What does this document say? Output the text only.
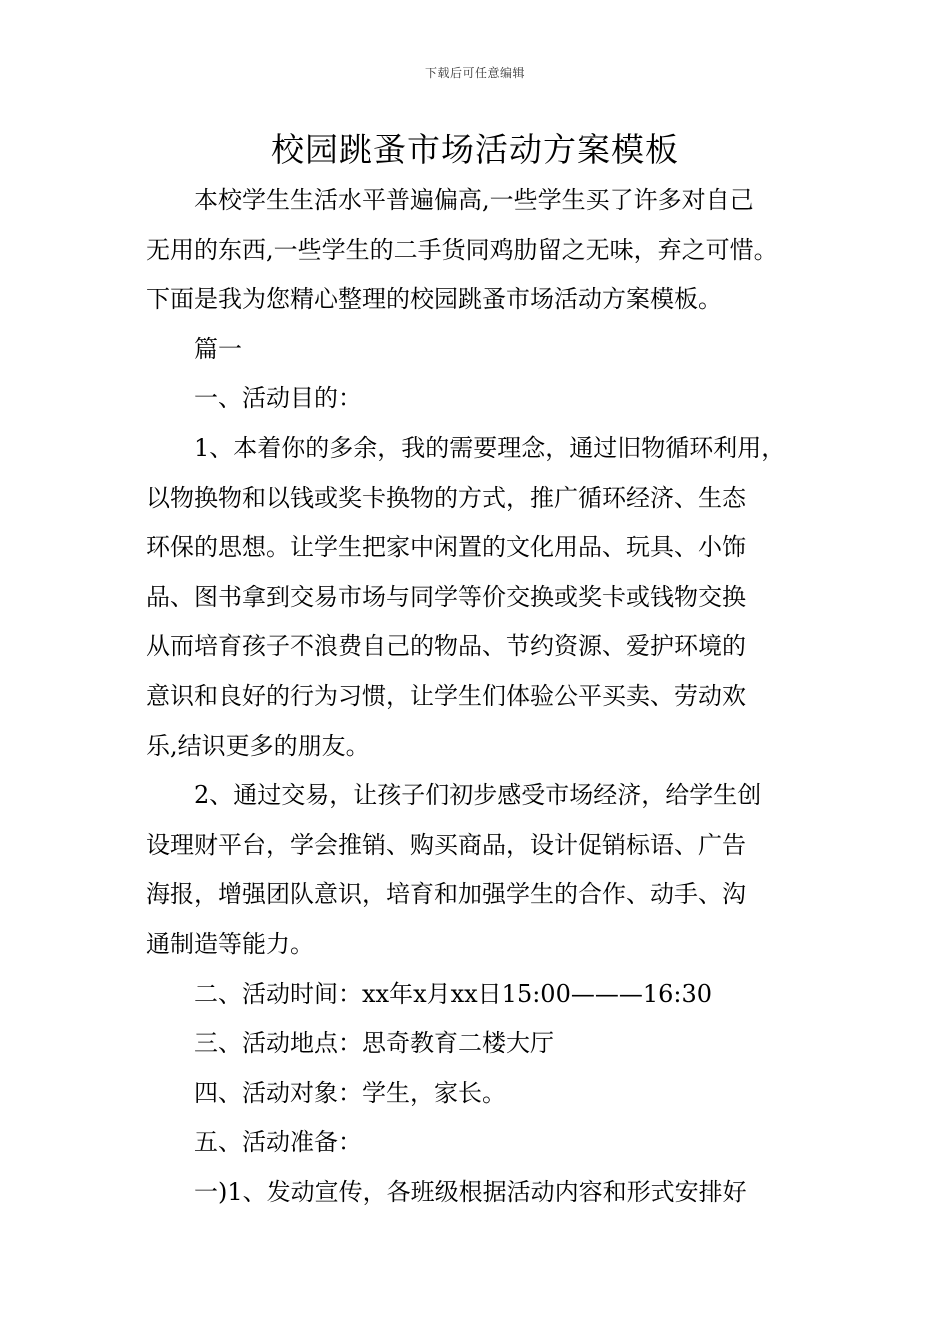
下载后可任意编辑
校园跳蚤市场活动方案模板
本校学生生活水平普遍偏高,一些学生买了许多对自己
无用的东西,一些学生的二手货同鸡肋留之无味，弃之可惜。
下面是我为您精心整理的校园跳蚤市场活动方案模板。
篇一
一、活动目的：
1、本着你的多余，我的需要理念，通过旧物循环利用，
以物换物和以钱或奖卡换物的方式，推广循环经济、生态
环保的思想。让学生把家中闲置的文化用品、玩具、小饰
品、图书拿到交易市场与同学等价交换或奖卡或钱物交换
从而培育孩子不浪费自己的物品、节约资源、爱护环境的
意识和良好的行为习惯，让学生们体验公平买卖、劳动欢
乐,结识更多的朋友。
2、通过交易，让孩子们初步感受市场经济，给学生创
设理财平台，学会推销、购买商品，设计促销标语、广告
海报，增强团队意识，培育和加强学生的合作、动手、沟
通制造等能力。
二、活动时间：xx年x月xx日15:00———16:30
三、活动地点：思奇教育二楼大厅
四、活动对象：学生，家长。
五、活动准备：
一)1、发动宣传，各班级根据活动内容和形式安排好
